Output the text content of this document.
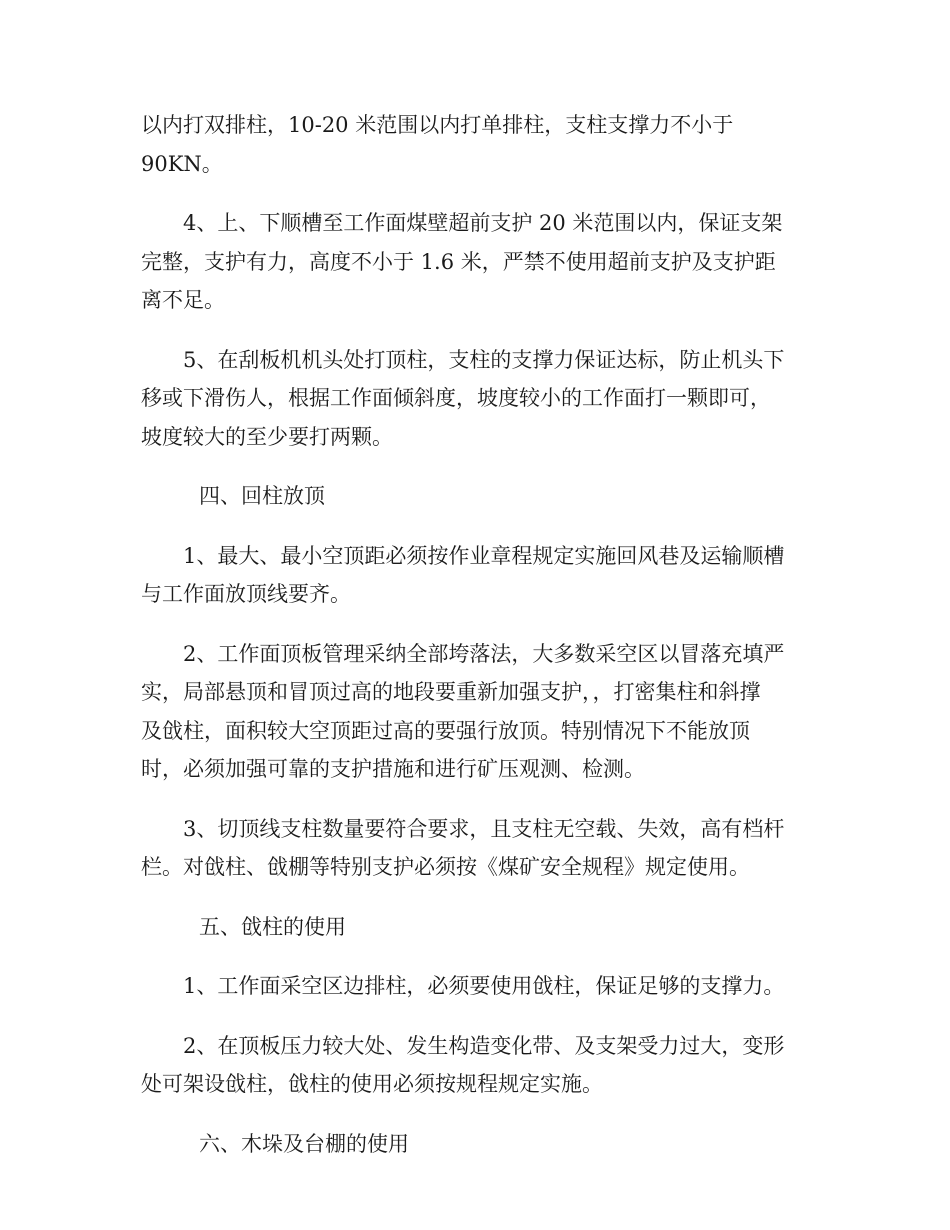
以内打双排柱，10-20 米范围以内打单排柱，支柱支撑力不小于
90KN。
4、上、下顺槽至工作面煤壁超前支护 20 米范围以内，保证支架
完整，支护有力，高度不小于 1.6 米，严禁不使用超前支护及支护距
离不足。
5、在刮板机机头处打顶柱，支柱的支撑力保证达标，防止机头下
移或下滑伤人，根据工作面倾斜度，坡度较小的工作面打一颗即可，
坡度较大的至少要打两颗。
四、回柱放顶
1、最大、最小空顶距必须按作业章程规定实施回风巷及运输顺槽
与工作面放顶线要齐。
2、工作面顶板管理采纳全部垮落法，大多数采空区以冒落充填严
实，局部悬顶和冒顶过高的地段要重新加强支护，，打密集柱和斜撑
及戗柱，面积较大空顶距过高的要强行放顶。特别情况下不能放顶
时，必须加强可靠的支护措施和进行矿压观测、检测。
3、切顶线支柱数量要符合要求，且支柱无空载、失效，高有档杆
栏。对戗柱、戗棚等特别支护必须按《煤矿安全规程》规定使用。
五、戗柱的使用
1、工作面采空区边排柱，必须要使用戗柱，保证足够的支撑力。
2、在顶板压力较大处、发生构造变化带、及支架受力过大，变形
处可架设戗柱，戗柱的使用必须按规程规定实施。
六、木垛及台棚的使用
